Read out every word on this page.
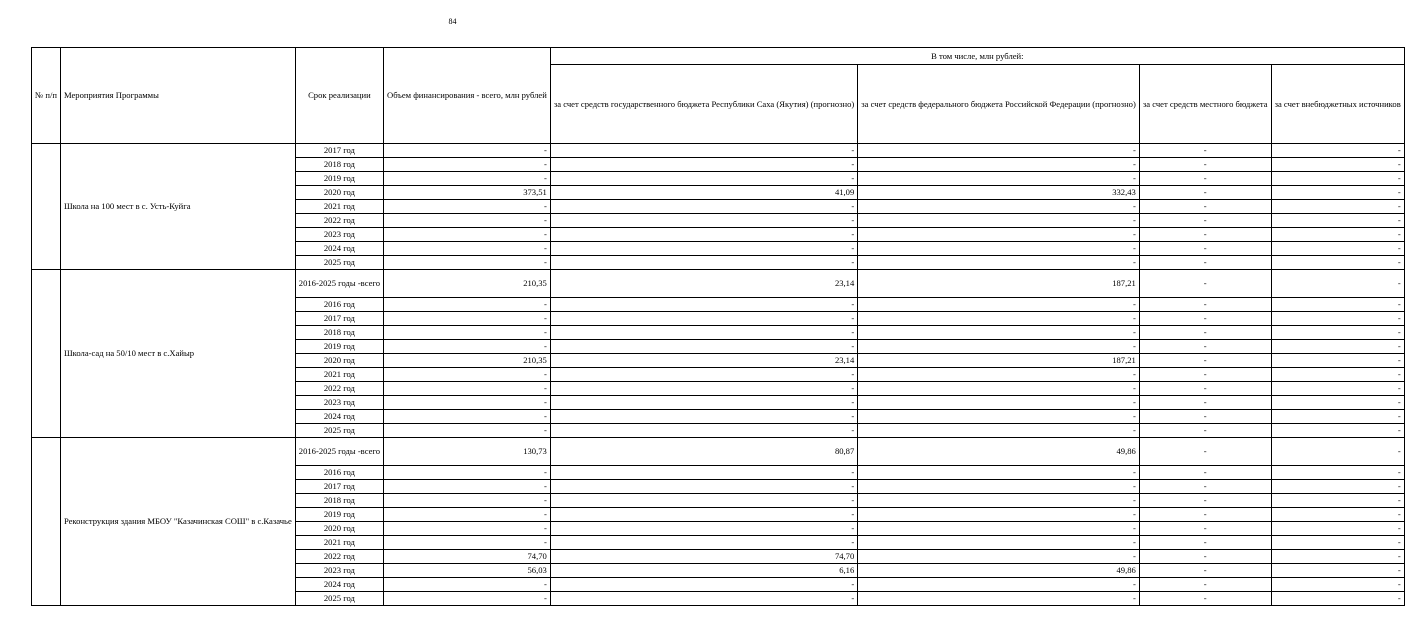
84
№ п/п	Мероприятия Программы	Срок реализации	Объем финансирования - всего, млн рублей	В том числе, млн рублей:			
				за счет средств государственного бюджета Республики Саха (Якутия) (прогнозно)	за счет средств федерального бюджета Российской Федерации (прогнозно)	за счет средств местного бюджета	за счет внебюджетных источников
	Школа на 100 мест в с. Усть-Куйга	2017 год	-	-	-	-	-
		2018 год	-	-	-	-	-
		2019 год	-	-	-	-	-
		2020 год	373,51	41,09	332,43	-	-
		2021 год	-	-	-	-	-
		2022 год	-	-	-	-	-
		2023 год	-	-	-	-	-
		2024 год	-	-	-	-	-
		2025 год	-	-	-	-	-
	Школа-сад на 50/10 мест в с.Хайыр	2016-2025 годы -всего	210,35	23,14	187,21	-	-
		2016 год	-	-	-	-	-
		2017 год	-	-	-	-	-
		2018 год	-	-	-	-	-
		2019 год	-	-	-	-	-
		2020 год	210,35	23,14	187,21	-	-
		2021 год	-	-	-	-	-
		2022 год	-	-	-	-	-
		2023 год	-	-	-	-	-
		2024 год	-	-	-	-	-
		2025 год	-	-	-	-	-
	Реконструкция здания МБОУ "Казачинская СОШ" в с.Казачье	2016-2025 годы -всего	130,73	80,87	49,86	-	-
		2016 год	-	-	-	-	-
		2017 год	-	-	-	-	-
		2018 год	-	-	-	-	-
		2019 год	-	-	-	-	-
		2020 год	-	-	-	-	-
		2021 год	-	-	-	-	-
		2022 год	74,70	74,70	-	-	-
		2023 год	56,03	6,16	49,86	-	-
		2024 год	-	-	-	-	-
		2025 год	-	-	-	-	-
